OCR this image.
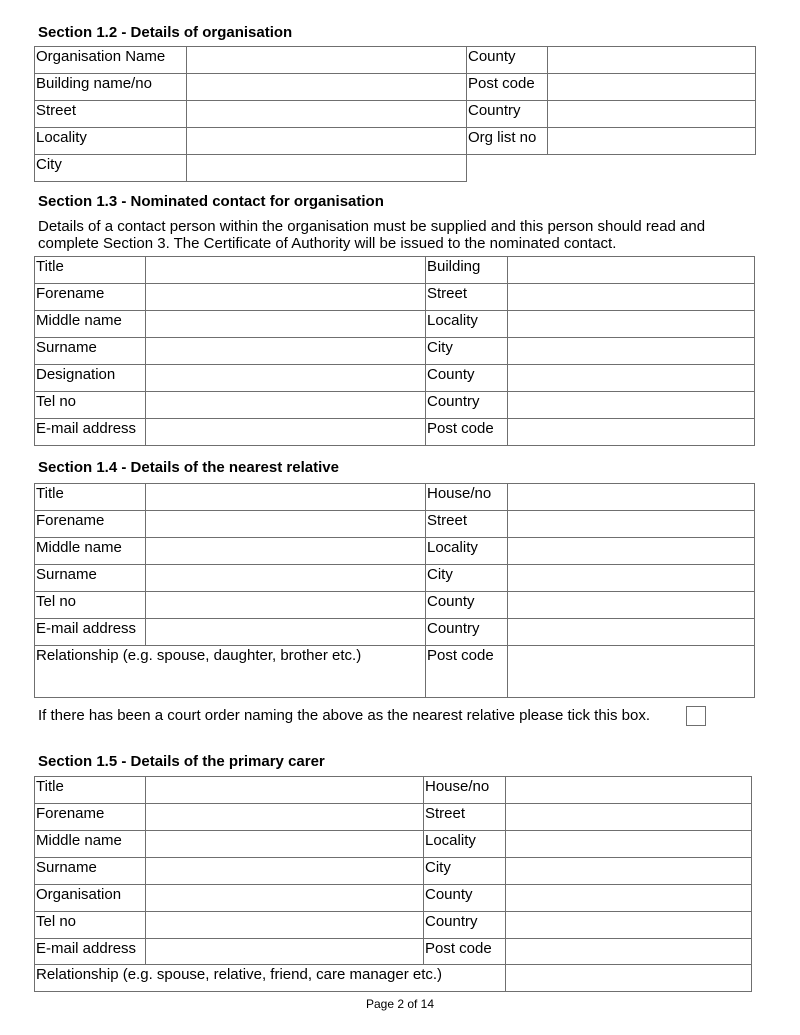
Section 1.2 - Details of organisation
Organisation Name		County	
Building name/no		Post code	
Street		Country	
Locality		Org list no	
City		
Section 1.3 - Nominated contact for organisation
Details of a contact person within the organisation must be supplied and this person should read and complete Section 3. The Certificate of Authority will be issued to the nominated contact.
Title		Building	
Forename		Street	
Middle name		Locality	
Surname		City	
Designation		County	
Tel no		Country	
E-mail address		Post code	
Section 1.4 - Details of the nearest relative
Title		House/no	
Forename		Street	
Middle name		Locality	
Surname		City	
Tel no		County	
E-mail address		Country	
Relationship (e.g. spouse, daughter, brother etc.)		Post code	
If there has been a court order naming the above as the nearest relative please tick this box.
Section 1.5 - Details of the primary carer
Title		House/no	
Forename		Street	
Middle name		Locality	
Surname		City	
Organisation		County	
Tel no		Country	
E-mail address		Post code	
Relationship (e.g. spouse, relative, friend, care manager etc.)	
Page 2 of 14
